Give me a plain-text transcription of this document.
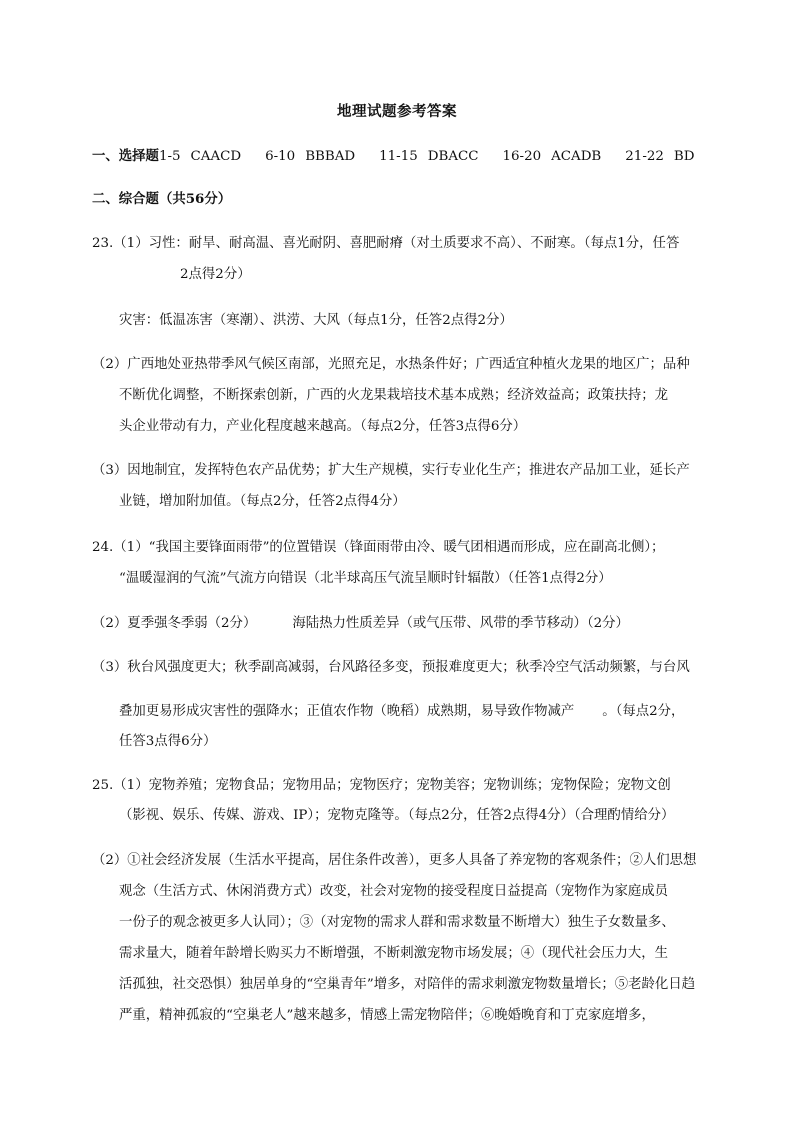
地理试题参考答案
一、选择题1-5 CAACD 6-10 BBBAD 11-15 DBACC 16-20 ACADB 21-22 BD
二、综合题（共56分）
23.（1）习性：耐旱、耐高温、喜光耐阴、喜肥耐瘠（对土质要求不高）、不耐寒。（每点1分，任答
2点得2分）
灾害：低温冻害（寒潮）、洪涝、大风（每点1分，任答2点得2分）
（2）广西地处亚热带季风气候区南部，光照充足，水热条件好；广西适宜种植火龙果的地区广；品种
不断优化调整，不断探索创新，广西的火龙果栽培技术基本成熟；经济效益高；政策扶持；龙
头企业带动有力，产业化程度越来越高。（每点2分，任答3点得6分）
（3）因地制宜，发挥特色农产品优势；扩大生产规模，实行专业化生产；推进农产品加工业，延长产
业链，增加附加值。（每点2分，任答2点得4分）
24.（1）“我国主要锋面雨带”的位置错误（锋面雨带由冷、暖气团相遇而形成，应在副高北侧）；
“温暖湿润的气流”气流方向错误（北半球高压气流呈顺时针辐散）（任答1点得2分）
（2）夏季强冬季弱（2分）	海陆热力性质差异（或气压带、风带的季节移动）（2分）
（3）秋台风强度更大；秋季副高减弱，台风路径多变，预报难度更大；秋季冷空气活动频繁，与台风
叠加更易形成灾害性的强降水；正值农作物（晚稻）成熟期，易导致作物减产 。（每点2分，
任答3点得6分）
25.（1）宠物养殖；宠物食品；宠物用品；宠物医疗；宠物美容；宠物训练；宠物保险；宠物文创
（影视、娱乐、传媒、游戏、IP）；宠物克隆等。（每点2分，任答2点得4分）（合理酌情给分）
（2）①社会经济发展（生活水平提高，居住条件改善），更多人具备了养宠物的客观条件；②人们思想
观念（生活方式、休闲消费方式）改变，社会对宠物的接受程度日益提高（宠物作为家庭成员
一份子的观念被更多人认同）；③（对宠物的需求人群和需求数量不断增大）独生子女数量多、
需求量大，随着年龄增长购买力不断增强，不断刺激宠物市场发展；④（现代社会压力大，生
活孤独，社交恐惧）独居单身的“空巢青年”增多，对陪伴的需求刺激宠物数量增长；⑤老龄化日趋
严重，精神孤寂的“空巢老人”越来越多，情感上需宠物陪伴；⑥晚婚晚育和丁克家庭增多，
